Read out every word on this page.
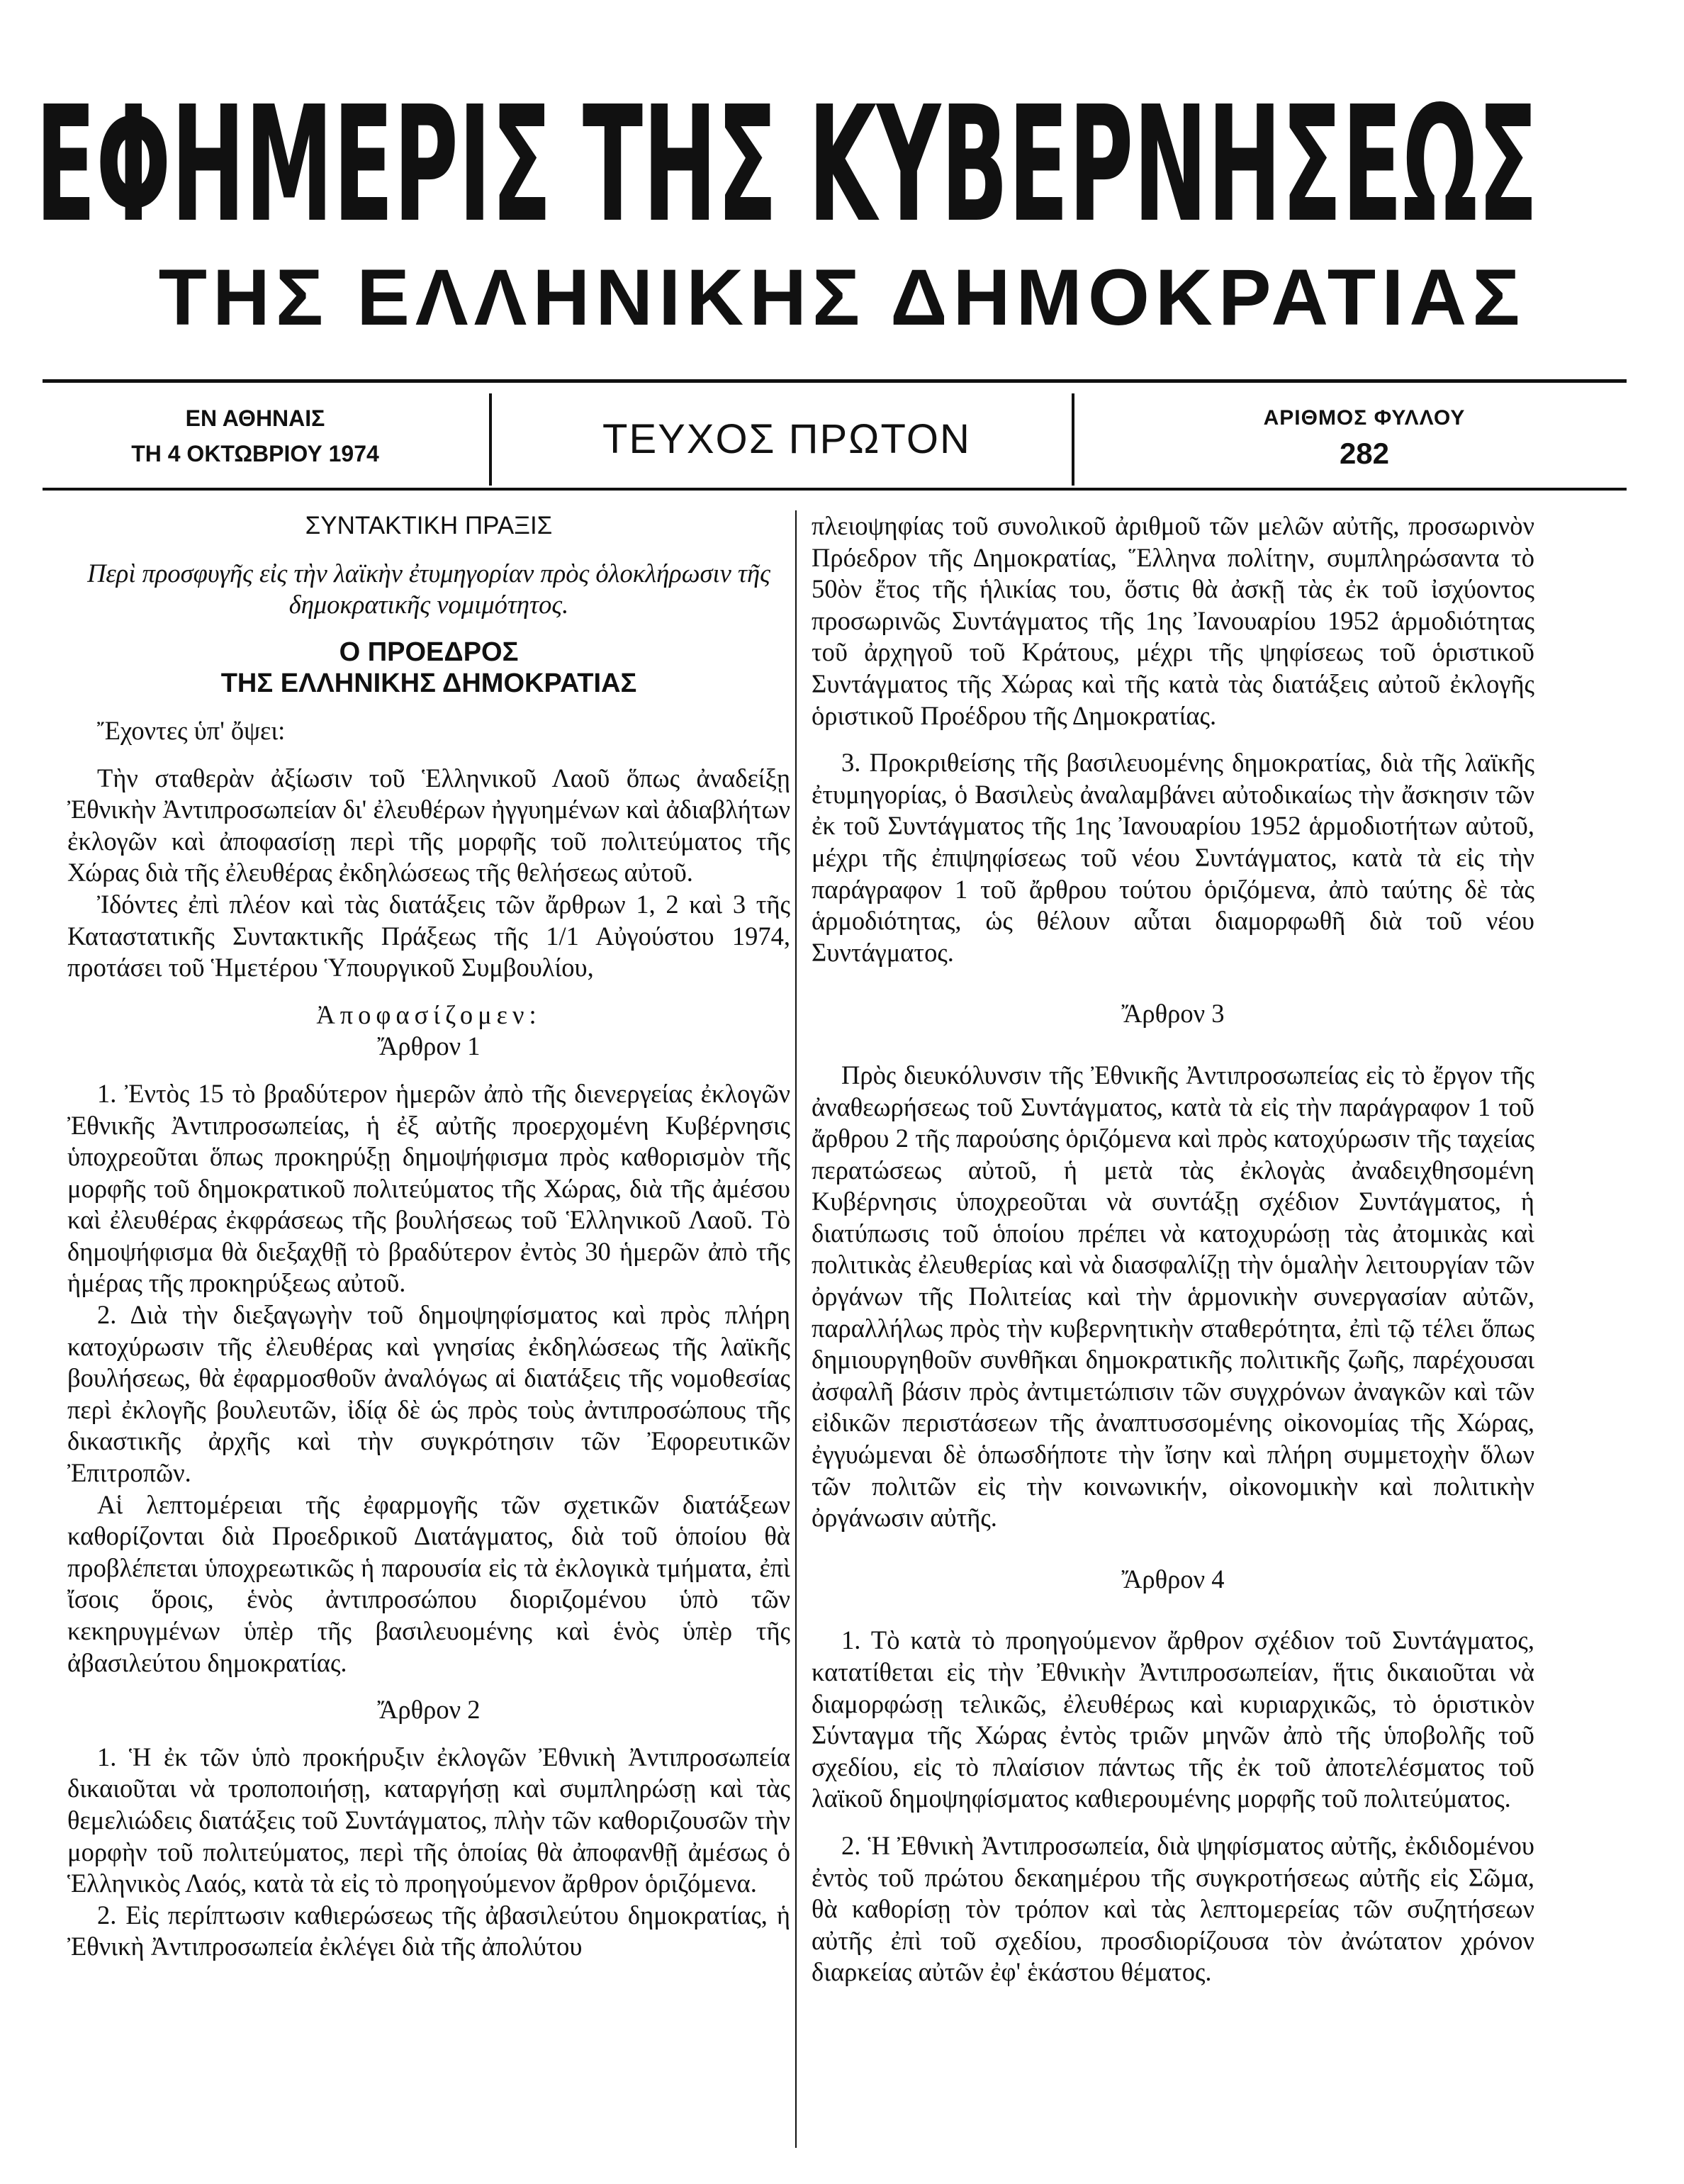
ΕΦΗΜΕΡΙΣ ΤΗΣ ΚΥΒΕΡΝΗΣΕΩΣ
ΤΗΣ ΕΛΛΗΝΙΚΗΣ ΔΗΜΟΚΡΑΤΙΑΣ
ΕΝ ΑΘΗΝΑΙΣ
ΤΗ 4 ΟΚΤΩΒΡΙΟΥ 1974	ΤΕΥΧΟΣ ΠΡΩΤΟΝ	ΑΡΙΘΜΟΣ ΦΥΛΛΟΥ
282

ΣΥΝΤΑΚΤΙΚΗ ΠΡΑΞΙΣ

Περὶ προσφυγῆς εἰς τὴν λαϊκὴν ἐτυμηγορίαν πρὸς ὁλοκλήρωσιν τῆς δημοκρατικῆς νομιμότητος.

Ο ΠΡΟΕΔΡΟΣ

ΤΗΣ ΕΛΛΗΝΙΚΗΣ ΔΗΜΟΚΡΑΤΙΑΣ

Ἔχοντες ὑπ' ὄψει:

Τὴν σταθερὰν ἀξίωσιν τοῦ Ἑλληνικοῦ Λαοῦ ὅπως ἀναδείξῃ Ἐθνικὴν Ἀντιπροσωπείαν δι' ἐλευθέρων ἠγγυημένων καὶ ἀδιαβλήτων ἐκλογῶν καὶ ἀποφασίσῃ περὶ τῆς μορφῆς τοῦ πολιτεύματος τῆς Χώρας διὰ τῆς ἐλευθέρας ἐκδηλώσεως τῆς θελήσεως αὐτοῦ.

Ἰδόντες ἐπὶ πλέον καὶ τὰς διατάξεις τῶν ἄρθρων 1, 2 καὶ 3 τῆς Καταστατικῆς Συντακτικῆς Πράξεως τῆς 1/1 Αὐγούστου 1974, προτάσει τοῦ Ἡμετέρου Ὑπουργικοῦ Συμβουλίου,

Ἀποφασίζομεν:

Ἄρθρον 1

1. Ἐντὸς 15 τὸ βραδύτερον ἡμερῶν ἀπὸ τῆς διενεργείας ἐκλογῶν Ἐθνικῆς Ἀντιπροσωπείας, ἡ ἐξ αὐτῆς προερχομένη Κυβέρνησις ὑποχρεοῦται ὅπως προκηρύξῃ δημοψήφισμα πρὸς καθορισμὸν τῆς μορφῆς τοῦ δημοκρατικοῦ πολιτεύματος τῆς Χώρας, διὰ τῆς ἀμέσου καὶ ἐλευθέρας ἐκφράσεως τῆς βουλήσεως τοῦ Ἑλληνικοῦ Λαοῦ. Τὸ δημοψήφισμα θὰ διεξαχθῇ τὸ βραδύτερον ἐντὸς 30 ἡμερῶν ἀπὸ τῆς ἡμέρας τῆς προκηρύξεως αὐτοῦ.

2. Διὰ τὴν διεξαγωγὴν τοῦ δημοψηφίσματος καὶ πρὸς πλήρη κατοχύρωσιν τῆς ἐλευθέρας καὶ γνησίας ἐκδηλώσεως τῆς λαϊκῆς βουλήσεως, θὰ ἐφαρμοσθοῦν ἀναλόγως αἱ διατάξεις τῆς νομοθεσίας περὶ ἐκλογῆς βουλευτῶν, ἰδίᾳ δὲ ὡς πρὸς τοὺς ἀντιπροσώπους τῆς δικαστικῆς ἀρχῆς καὶ τὴν συγκρότησιν τῶν Ἐφορευτικῶν Ἐπιτροπῶν.

Αἱ λεπτομέρειαι τῆς ἐφαρμογῆς τῶν σχετικῶν διατάξεων καθορίζονται διὰ Προεδρικοῦ Διατάγματος, διὰ τοῦ ὁποίου θὰ προβλέπεται ὑποχρεωτικῶς ἡ παρουσία εἰς τὰ ἐκλογικὰ τμήματα, ἐπὶ ἴσοις ὅροις, ἑνὸς ἀντιπροσώπου διοριζομένου ὑπὸ τῶν κεκηρυγμένων ὑπὲρ τῆς βασιλευομένης καὶ ἑνὸς ὑπὲρ τῆς ἀβασιλεύτου δημοκρατίας.

Ἄρθρον 2

1. Ἡ ἐκ τῶν ὑπὸ προκήρυξιν ἐκλογῶν Ἐθνικὴ Ἀντιπροσωπεία δικαιοῦται νὰ τροποποιήσῃ, καταργήσῃ καὶ συμπληρώσῃ καὶ τὰς θεμελιώδεις διατάξεις τοῦ Συντάγματος, πλὴν τῶν καθοριζουσῶν τὴν μορφὴν τοῦ πολιτεύματος, περὶ τῆς ὁποίας θὰ ἀποφανθῇ ἀμέσως ὁ Ἑλληνικὸς Λαός, κατὰ τὰ εἰς τὸ προηγούμενον ἄρθρον ὁριζόμενα.

2. Εἰς περίπτωσιν καθιερώσεως τῆς ἀβασιλεύτου δημοκρατίας, ἡ Ἐθνικὴ Ἀντιπροσωπεία ἐκλέγει διὰ τῆς ἀπολύτου

πλειοψηφίας τοῦ συνολικοῦ ἀριθμοῦ τῶν μελῶν αὐτῆς, προσωρινὸν Πρόεδρον τῆς Δημοκρατίας, Ἕλληνα πολίτην, συμπληρώσαντα τὸ 50ὸν ἔτος τῆς ἡλικίας του, ὅστις θὰ ἀσκῇ τὰς ἐκ τοῦ ἰσχύοντος προσωρινῶς Συντάγματος τῆς 1ης Ἰανουαρίου 1952 ἁρμοδιότητας τοῦ ἀρχηγοῦ τοῦ Κράτους, μέχρι τῆς ψηφίσεως τοῦ ὁριστικοῦ Συντάγματος τῆς Χώρας καὶ τῆς κατὰ τὰς διατάξεις αὐτοῦ ἐκλογῆς ὁριστικοῦ Προέδρου τῆς Δημοκρατίας.

3. Προκριθείσης τῆς βασιλευομένης δημοκρατίας, διὰ τῆς λαϊκῆς ἐτυμηγορίας, ὁ Βασιλεὺς ἀναλαμβάνει αὐτοδικαίως τὴν ἄσκησιν τῶν ἐκ τοῦ Συντάγματος τῆς 1ης Ἰανουαρίου 1952 ἁρμοδιοτήτων αὐτοῦ, μέχρι τῆς ἐπιψηφίσεως τοῦ νέου Συντάγματος, κατὰ τὰ εἰς τὴν παράγραφον 1 τοῦ ἄρθρου τούτου ὁριζόμενα, ἀπὸ ταύτης δὲ τὰς ἁρμοδιότητας, ὡς θέλουν αὗται διαμορφωθῆ διὰ τοῦ νέου Συντάγματος.

Ἄρθρον 3

Πρὸς διευκόλυνσιν τῆς Ἐθνικῆς Ἀντιπροσωπείας εἰς τὸ ἔργον τῆς ἀναθεωρήσεως τοῦ Συντάγματος, κατὰ τὰ εἰς τὴν παράγραφον 1 τοῦ ἄρθρου 2 τῆς παρούσης ὁριζόμενα καὶ πρὸς κατοχύρωσιν τῆς ταχείας περατώσεως αὐτοῦ, ἡ μετὰ τὰς ἐκλογὰς ἀναδειχθησομένη Κυβέρνησις ὑποχρεοῦται νὰ συντάξῃ σχέδιον Συντάγματος, ἡ διατύπωσις τοῦ ὁποίου πρέπει νὰ κατοχυρώσῃ τὰς ἀτομικὰς καὶ πολιτικὰς ἐλευθερίας καὶ νὰ διασφαλίζῃ τὴν ὁμαλὴν λειτουργίαν τῶν ὀργάνων τῆς Πολιτείας καὶ τὴν ἁρμονικὴν συνεργασίαν αὐτῶν, παραλλήλως πρὸς τὴν κυβερνητικὴν σταθερότητα, ἐπὶ τῷ τέλει ὅπως δημιουργηθοῦν συνθῆκαι δημοκρατικῆς πολιτικῆς ζωῆς, παρέχουσαι ἀσφαλῆ βάσιν πρὸς ἀντιμετώπισιν τῶν συγχρόνων ἀναγκῶν καὶ τῶν εἰδικῶν περιστάσεων τῆς ἀναπτυσσομένης οἰκονομίας τῆς Χώρας, ἐγγυώμεναι δὲ ὁπωσδήποτε τὴν ἴσην καὶ πλήρη συμμετοχὴν ὅλων τῶν πολιτῶν εἰς τὴν κοινωνικήν, οἰκονομικὴν καὶ πολιτικὴν ὀργάνωσιν αὐτῆς.

Ἄρθρον 4

1. Τὸ κατὰ τὸ προηγούμενον ἄρθρον σχέδιον τοῦ Συντάγματος, κατατίθεται εἰς τὴν Ἐθνικὴν Ἀντιπροσωπείαν, ἥτις δικαιοῦται νὰ διαμορφώσῃ τελικῶς, ἐλευθέρως καὶ κυριαρχικῶς, τὸ ὁριστικὸν Σύνταγμα τῆς Χώρας ἐντὸς τριῶν μηνῶν ἀπὸ τῆς ὑποβολῆς τοῦ σχεδίου, εἰς τὸ πλαίσιον πάντως τῆς ἐκ τοῦ ἀποτελέσματος τοῦ λαϊκοῦ δημοψηφίσματος καθιερουμένης μορφῆς τοῦ πολιτεύματος.

2. Ἡ Ἐθνικὴ Ἀντιπροσωπεία, διὰ ψηφίσματος αὐτῆς, ἐκδιδομένου ἐντὸς τοῦ πρώτου δεκαημέρου τῆς συγκροτήσεως αὐτῆς εἰς Σῶμα, θὰ καθορίσῃ τὸν τρόπον καὶ τὰς λεπτομερείας τῶν συζητήσεων αὐτῆς ἐπὶ τοῦ σχεδίου, προσδιορίζουσα τὸν ἀνώτατον χρόνον διαρκείας αὐτῶν ἐφ' ἑκάστου θέματος.
